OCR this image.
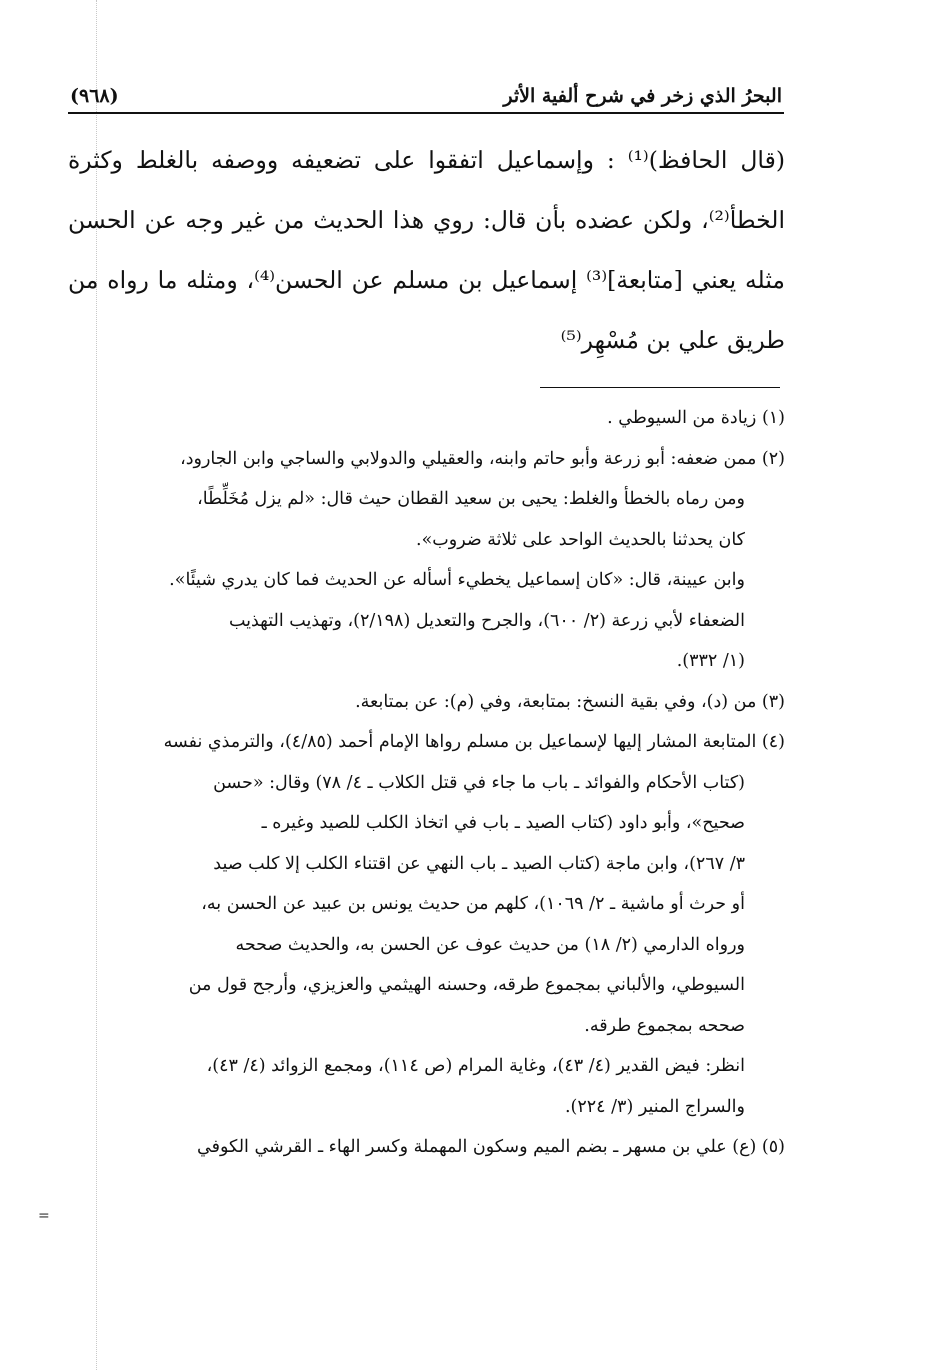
البحرُ الذي زخر في شرح ألفية الأثر
(٩٦٨)

(قال الحافظ)⁽¹⁾ : وإسماعيل اتفقوا على تضعيفه ووصفه بالغلط وكثرة الخطأ⁽²⁾، ولكن عضده بأن قال: روي هذا الحديث من غير وجه عن الحسن مثله يعني [متابعة]⁽³⁾ إسماعيل بن مسلم عن الحسن⁽⁴⁾، ومثله ما رواه من طريق علي بن مُسْهِر⁽⁵⁾

(١) زيادة من السيوطي .

(٢) ممن ضعفه: أبو زرعة وأبو حاتم وابنه، والعقيلي والدولابي والساجي وابن الجارود،

ومن رماه بالخطأ والغلط: يحيى بن سعيد القطان حيث قال: «لم يزل مُخَلِّطًا،

كان يحدثنا بالحديث الواحد على ثلاثة ضروب».

وابن عيينة، قال: «كان إسماعيل يخطيء أسأله عن الحديث فما كان يدري شيئًا».

الضعفاء لأبي زرعة (٢/ ٦٠٠)، والجرح والتعديل (٢/١٩٨)، وتهذيب التهذيب

(١/ ٣٣٢).

(٣) من (د)، وفي بقية النسخ: بمتابعة، وفي (م): عن بمتابعة.

(٤) المتابعة المشار إليها لإسماعيل بن مسلم رواها الإمام أحمد (٤/٨٥)، والترمذي نفسه

(كتاب الأحكام والفوائد ـ باب ما جاء في قتل الكلاب ـ ٤/ ٧٨) وقال: «حسن

صحيح»، وأبو داود (كتاب الصيد ـ باب في اتخاذ الكلب للصيد وغيره ـ

٣/ ٢٦٧)، وابن ماجة (كتاب الصيد ـ باب النهي عن اقتناء الكلب إلا كلب صيد

أو حرث أو ماشية ـ ٢/ ١٠٦٩)، كلهم من حديث يونس بن عبيد عن الحسن به،

ورواه الدارمي (٢/ ١٨) من حديث عوف عن الحسن به، والحديث صححه

السيوطي، والألباني بمجموع طرقه، وحسنه الهيثمي والعزيزي، وأرجح قول من

صححه بمجموع طرقه.

انظر: فيض القدير (٤/ ٤٣)، وغاية المرام (ص ١١٤)، ومجمع الزوائد (٤/ ٤٣)،

والسراج المنير (٣/ ٢٢٤).

(٥) (ع) علي بن مسهر ـ بضم الميم وسكون المهملة وكسر الهاء ـ القرشي الكوفي

=
